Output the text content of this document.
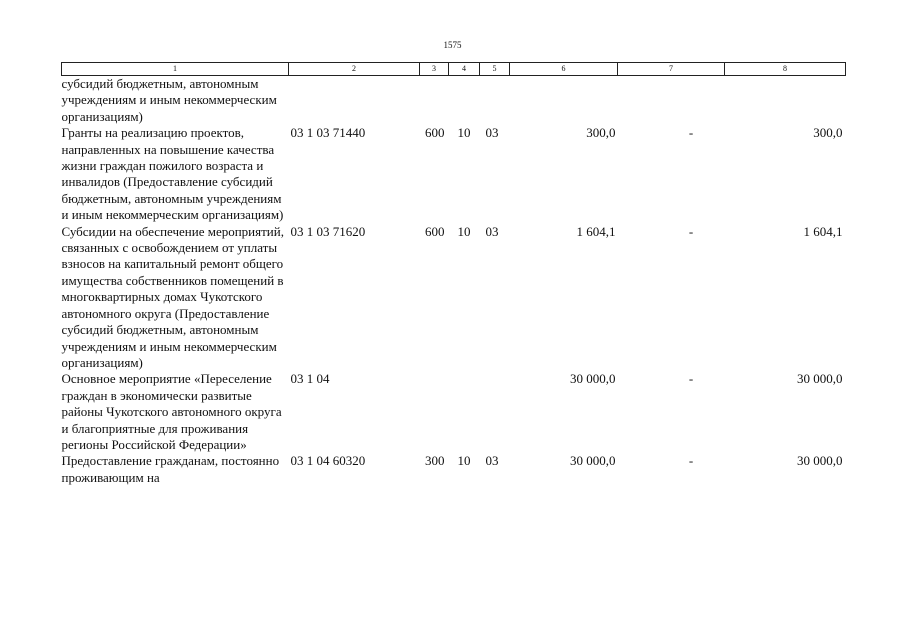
1575
1	2	3	4	5	6	7	8
субсидий бюджетным, автономным учреждениям и иным некоммерческим организациям)							
Гранты на реализацию проектов, направленных на повышение качества жизни граждан пожилого возраста и инвалидов (Предоставление субсидий бюджетным, автономным учреждениям и иным некоммерческим организациям)	03 1 03 71440	600	10	03	300,0	-	300,0
Субсидии на обеспечение мероприятий, связанных с освобождением от уплаты взносов на капитальный ремонт общего имущества собственников помещений в многоквартирных домах Чукотского автономного округа (Предоставление субсидий бюджетным, автономным учреждениям и иным некоммерческим организациям)	03 1 03 71620	600	10	03	1 604,1	-	1 604,1
Основное мероприятие «Переселение граждан в экономически развитые районы Чукотского автономного округа и благоприятные для проживания регионы Российской Федерации»	03 1 04				30 000,0	-	30 000,0
Предоставление гражданам, постоянно проживающим на	03 1 04 60320	300	10	03	30 000,0	-	30 000,0
